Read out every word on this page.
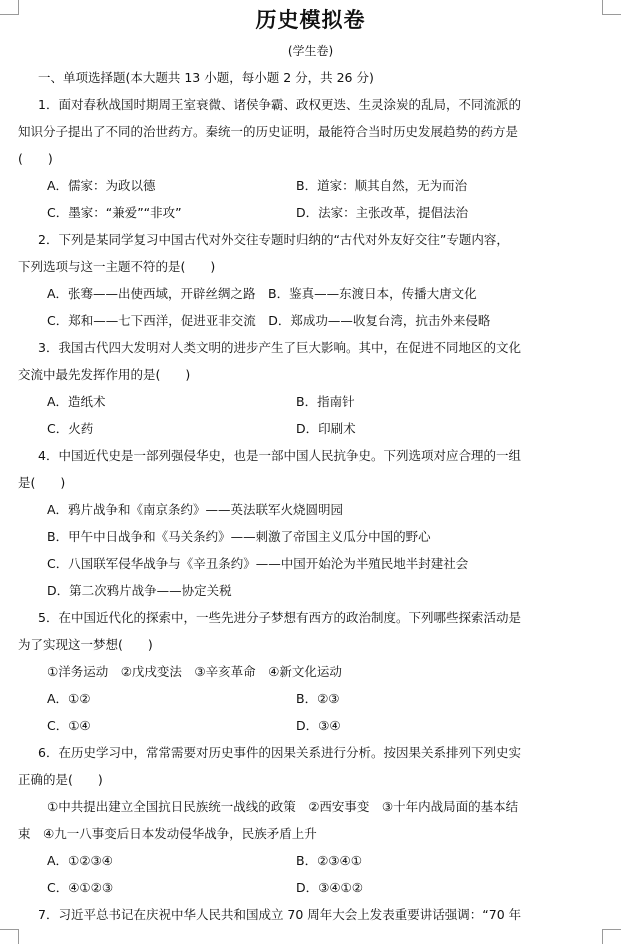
历史模拟卷
(学生卷)
一、单项选择题(本大题共 13 小题，每小题 2 分，共 26 分)
1．面对春秋战国时期周王室衰微、诸侯争霸、政权更迭、生灵涂炭的乱局，不同流派的
知识分子提出了不同的治世药方。秦统一的历史证明，最能符合当时历史发展趋势的药方是
(　　)
A．儒家：为政以德	B．道家：顺其自然，无为而治
C．墨家：“兼爱”“非攻”	D．法家：主张改革，提倡法治
2．下列是某同学复习中国古代对外交往专题时归纳的“古代对外友好交往”专题内容，
下列选项与这一主题不符的是(　　)
A．张骞——出使西域，开辟丝绸之路　B．鉴真——东渡日本，传播大唐文化
C．郑和——七下西洋，促进亚非交流　D．郑成功——收复台湾，抗击外来侵略
3．我国古代四大发明对人类文明的进步产生了巨大影响。其中，在促进不同地区的文化
交流中最先发挥作用的是(　　)
A．造纸术	B．指南针
C．火药	D．印刷术
4．中国近代史是一部列强侵华史，也是一部中国人民抗争史。下列选项对应合理的一组
是(　　)
A．鸦片战争和《南京条约》——英法联军火烧圆明园
B．甲午中日战争和《马关条约》——刺激了帝国主义瓜分中国的野心
C．八国联军侵华战争与《辛丑条约》——中国开始沦为半殖民地半封建社会
D．第二次鸦片战争——协定关税
5．在中国近代化的探索中，一些先进分子梦想有西方的政治制度。下列哪些探索活动是
为了实现这一梦想(　　)
①洋务运动　②戊戌变法　③辛亥革命　④新文化运动
A．①②	B．②③
C．①④	D．③④
6．在历史学习中，常常需要对历史事件的因果关系进行分析。按因果关系排列下列史实
正确的是(　　)
①中共提出建立全国抗日民族统一战线的政策　②西安事变　③十年内战局面的基本结
束　④九一八事变后日本发动侵华战争，民族矛盾上升
A．①②③④	B．②③④①
C．④①②③	D．③④①②
7．习近平总书记在庆祝中华人民共和国成立 70 周年大会上发表重要讲话强调：“70 年
